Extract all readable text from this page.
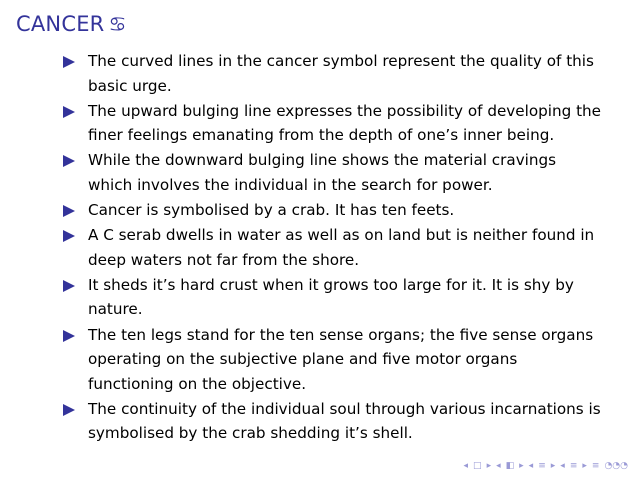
CANCER ♋
The curved lines in the cancer symbol represent the quality of this basic urge.
The upward bulging line expresses the possibility of developing the finer feelings emanating from the depth of one’s inner being.
While the downward bulging line shows the material cravings which involves the individual in the search for power.
Cancer is symbolised by a crab. It has ten feets.
A C serab dwells in water as well as on land but is neither found in deep waters not far from the shore.
It sheds it’s hard crust when it grows too large for it. It is shy by nature.
The ten legs stand for the ten sense organs; the five sense organs operating on the subjective plane and five motor organs functioning on the objective.
The continuity of the individual soul through various incarnations is symbolised by the crab shedding it’s shell.
◂ □ ▸ ◂ ◧ ▸ ◂ ≡ ▸ ◂ ≡ ▸ ≡ ◔◔◔
